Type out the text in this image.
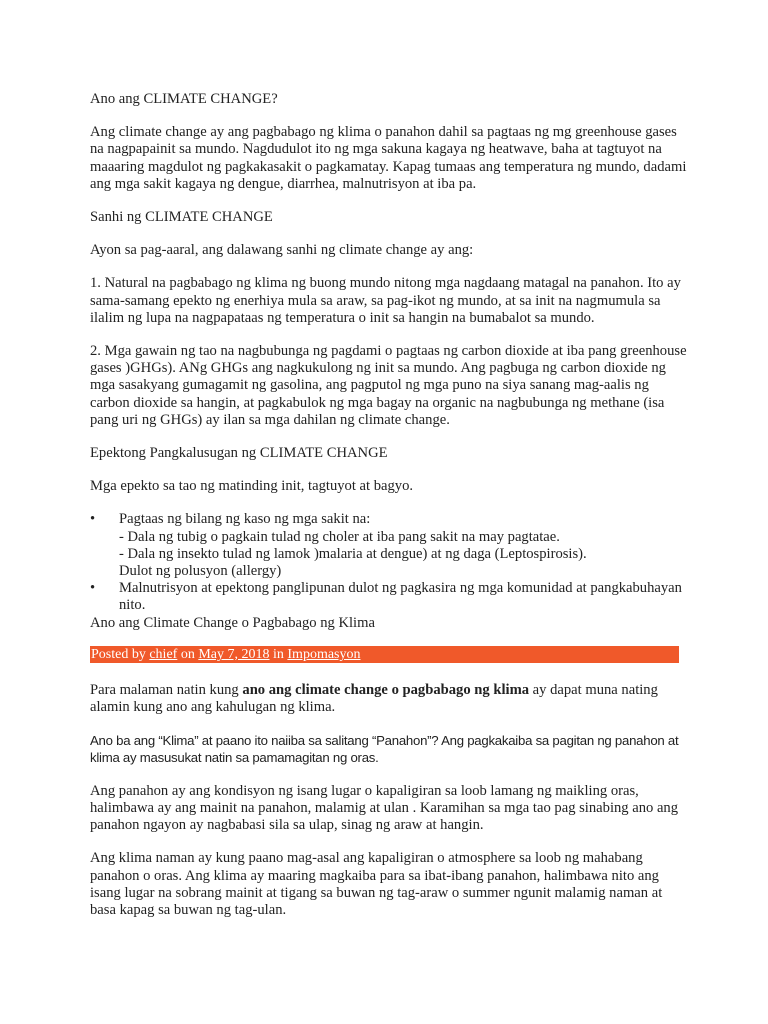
Ano ang CLIMATE CHANGE?
Ang climate change ay ang pagbabago ng klima o panahon dahil sa pagtaas ng mg greenhouse gases na nagpapainit sa mundo. Nagdudulot ito ng mga sakuna kagaya ng heatwave, baha at tagtuyot na maaaring magdulot ng pagkakasakit o pagkamatay. Kapag tumaas ang temperatura ng mundo, dadami ang mga sakit kagaya ng dengue, diarrhea, malnutrisyon at iba pa.
Sanhi ng CLIMATE CHANGE
Ayon sa pag-aaral, ang dalawang sanhi ng climate change ay ang:
1. Natural na pagbabago ng klima ng buong mundo nitong mga nagdaang matagal na panahon. Ito ay sama-samang epekto ng enerhiya mula sa araw, sa pag-ikot ng mundo, at sa init na nagmumula sa ilalim ng lupa na nagpapataas ng temperatura o init sa hangin na bumabalot sa mundo.
2. Mga gawain ng tao na nagbubunga ng pagdami o pagtaas ng carbon dioxide at iba pang greenhouse gases )GHGs). ANg GHGs ang nagkukulong ng init sa mundo. Ang pagbuga ng carbon dioxide ng mga sasakyang gumagamit ng gasolina, ang pagputol ng mga puno na siya sanang mag-aalis ng carbon dioxide sa hangin, at pagkabulok ng mga bagay na organic na nagbubunga ng methane (isa pang uri ng GHGs) ay ilan sa mga dahilan ng climate change.
Epektong Pangkalusugan ng CLIMATE CHANGE
Mga epekto sa tao ng matinding init, tagtuyot at bagyo.
• Pagtaas ng bilang ng kaso ng mga sakit na:
- Dala ng tubig o pagkain tulad ng choler at iba pang sakit na may pagtatae.
- Dala ng insekto tulad ng lamok )malaria at dengue) at ng daga (Leptospirosis).
Dulot ng polusyon (allergy)
• Malnutrisyon at epektong panglipunan dulot ng pagkasira ng mga komunidad at pangkabuhayan nito.
Ano ang Climate Change o Pagbabago ng Klima
Posted by chief on May 7, 2018 in Impomasyon
Para malaman natin kung ano ang climate change o pagbabago ng klima ay dapat muna nating alamin kung ano ang kahulugan ng klima.
Ano ba ang “Klima” at paano ito naiiba sa salitang “Panahon”? Ang pagkakaiba sa pagitan ng panahon at
klima ay masusukat natin sa pamamagitan ng oras.
Ang panahon ay ang kondisyon ng isang lugar o kapaligiran sa loob lamang ng maikling oras, halimbawa ay ang mainit na panahon, malamig at ulan . Karamihan sa mga tao pag sinabing ano ang panahon ngayon ay nagbabasi sila sa ulap, sinag ng araw at hangin.
Ang klima naman ay kung paano mag-asal ang kapaligiran o atmosphere sa loob ng mahabang panahon o oras. Ang klima ay maaring magkaiba para sa ibat-ibang panahon, halimbawa nito ang isang lugar na sobrang mainit at tigang sa buwan ng tag-araw o summer ngunit malamig naman at basa kapag sa buwan ng tag-ulan.
